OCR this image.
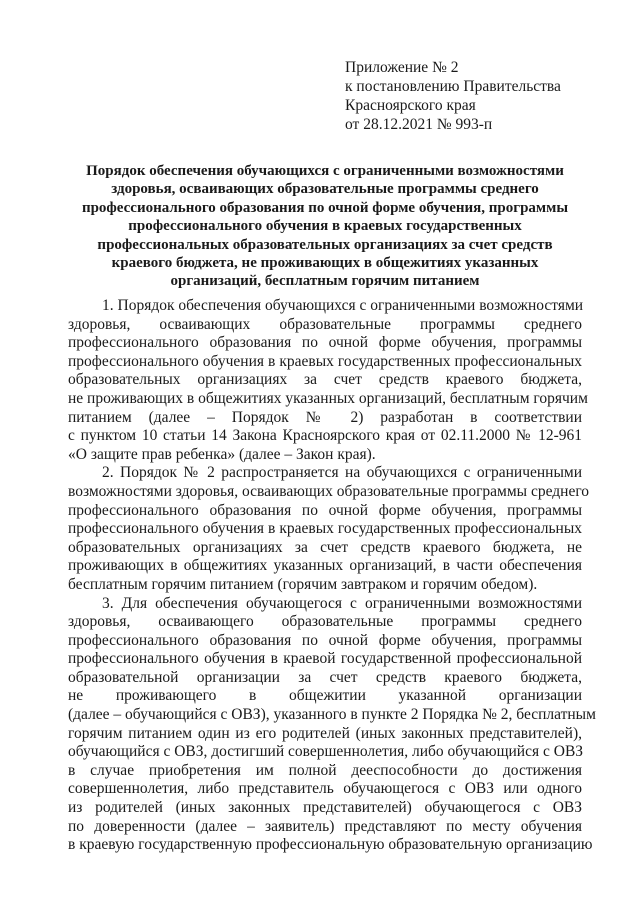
Приложение № 2
к постановлению Правительства
Красноярского края
от 28.12.2021 № 993-п
Порядок обеспечения обучающихся с ограниченными возможностями
здоровья, осваивающих образовательные программы среднего
профессионального образования по очной форме обучения, программы
профессионального обучения в краевых государственных
профессиональных образовательных организациях за счет средств
краевого бюджета, не проживающих в общежитиях указанных
организаций, бесплатным горячим питанием
1. Порядок обеспечения обучающихся с ограниченными возможностями
здоровья, осваивающих образовательные программы среднего
профессионального образования по очной форме обучения, программы
профессионального обучения в краевых государственных профессиональных
образовательных организациях за счет средств краевого бюджета,
не проживающих в общежитиях указанных организаций, бесплатным горячим
питанием (далее – Порядок № 2) разработан в соответствии
с пунктом 10 статьи 14 Закона Красноярского края от 02.11.2000 № 12-961
«О защите прав ребенка» (далее – Закон края).
2. Порядок № 2 распространяется на обучающихся с ограниченными
возможностями здоровья, осваивающих образовательные программы среднего
профессионального образования по очной форме обучения, программы
профессионального обучения в краевых государственных профессиональных
образовательных организациях за счет средств краевого бюджета, не
проживающих в общежитиях указанных организаций, в части обеспечения
бесплатным горячим питанием (горячим завтраком и горячим обедом).
3. Для обеспечения обучающегося с ограниченными возможностями
здоровья, осваивающего образовательные программы среднего
профессионального образования по очной форме обучения, программы
профессионального обучения в краевой государственной профессиональной
образовательной организации за счет средств краевого бюджета,
не проживающего в общежитии указанной организации
(далее – обучающийся с ОВЗ), указанного в пункте 2 Порядка № 2, бесплатным
горячим питанием один из его родителей (иных законных представителей),
обучающийся с ОВЗ, достигший совершеннолетия, либо обучающийся с ОВЗ
в случае приобретения им полной дееспособности до достижения
совершеннолетия, либо представитель обучающегося с ОВЗ или одного
из родителей (иных законных представителей) обучающегося с ОВЗ
по доверенности (далее – заявитель) представляют по месту обучения
в краевую государственную профессиональную образовательную организацию
